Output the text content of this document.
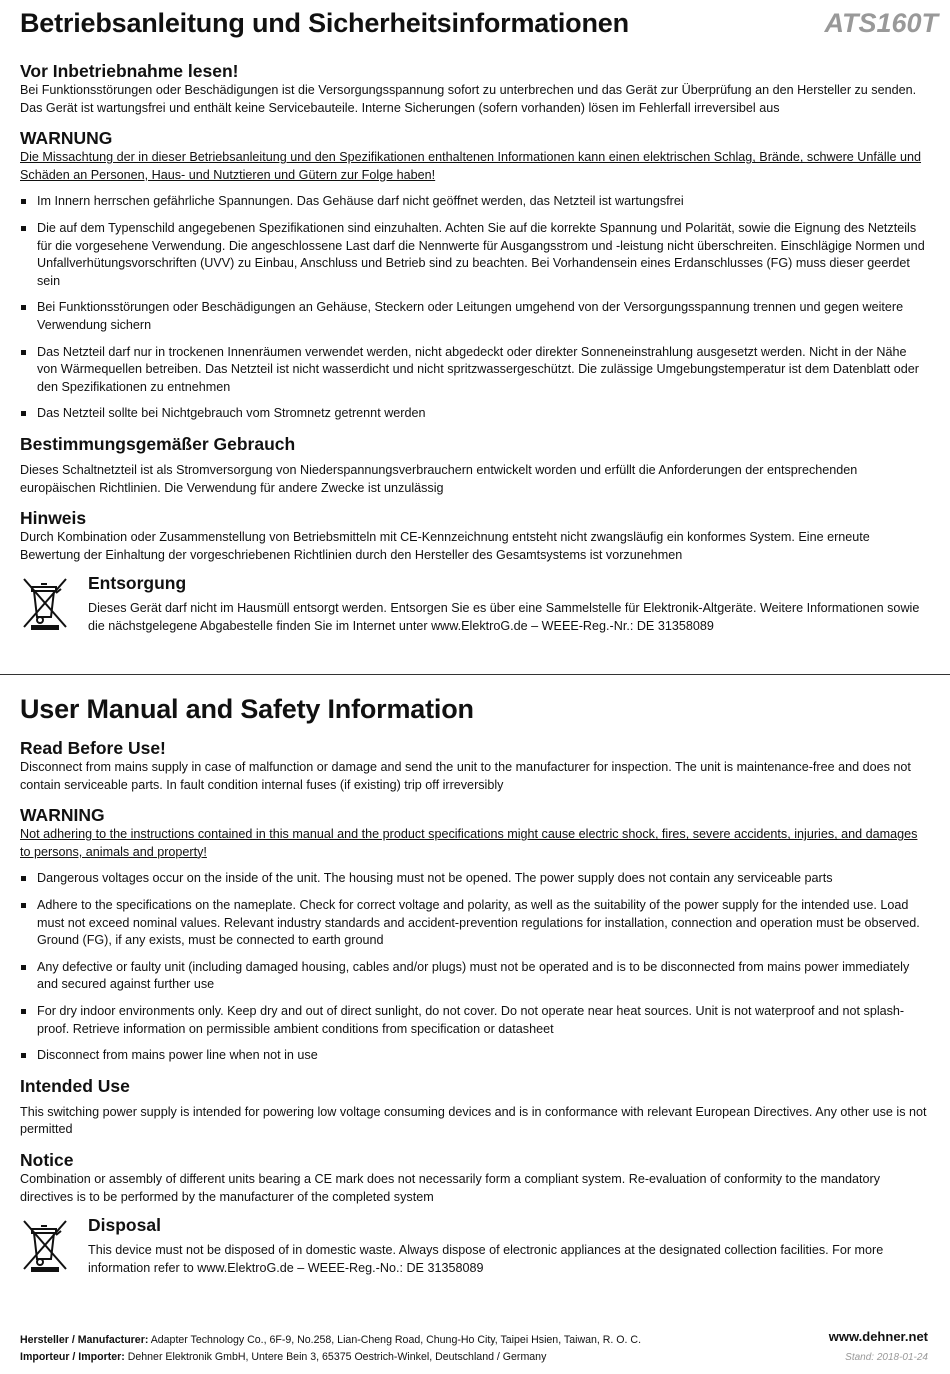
Betriebsanleitung und Sicherheitsinformationen	ATS160T
Vor Inbetriebnahme lesen!

Bei Funktionsstörungen oder Beschädigungen ist die Versorgungsspannung sofort zu unterbrechen und das Gerät zur Überprüfung an den Hersteller zu senden. Das Gerät ist wartungsfrei und enthält keine Servicebauteile. Interne Sicherungen (sofern vorhanden) lösen im Fehlerfall irreversibel aus

WARNUNG

Die Missachtung der in dieser Betriebsanleitung und den Spezifikationen enthaltenen Informationen kann einen elektrischen Schlag, Brände, schwere Unfälle und Schäden an Personen, Haus- und Nutztieren und Gütern zur Folge haben!

Im Innern herrschen gefährliche Spannungen. Das Gehäuse darf nicht geöffnet werden, das Netzteil ist wartungsfrei
Die auf dem Typenschild angegebenen Spezifikationen sind einzuhalten. Achten Sie auf die korrekte Spannung und Polarität, sowie die Eignung des Netzteils für die vorgesehene Verwendung. Die angeschlossene Last darf die Nennwerte für Ausgangsstrom und -leistung nicht überschreiten. Einschlägige Normen und Unfallverhütungsvorschriften (UVV) zu Einbau, Anschluss und Betrieb sind zu beachten. Bei Vorhandensein eines Erdanschlusses (FG) muss dieser geerdet sein
Bei Funktionsstörungen oder Beschädigungen an Gehäuse, Steckern oder Leitungen umgehend von der Versorgungsspannung trennen und gegen weitere Verwendung sichern
Das Netzteil darf nur in trockenen Innenräumen verwendet werden, nicht abgedeckt oder direkter Sonneneinstrahlung ausgesetzt werden. Nicht in der Nähe von Wärmequellen betreiben. Das Netzteil ist nicht wasserdicht und nicht spritzwassergeschützt. Die zulässige Umgebungstemperatur ist dem Datenblatt oder den Spezifikationen zu entnehmen
Das Netzteil sollte bei Nichtgebrauch vom Stromnetz getrennt werden
Bestimmungsgemäßer Gebrauch

Dieses Schaltnetzteil ist als Stromversorgung von Niederspannungsverbrauchern entwickelt worden und erfüllt die Anforderungen der entsprechenden europäischen Richtlinien. Die Verwendung für andere Zwecke ist unzulässig

Hinweis

Durch Kombination oder Zusammenstellung von Betriebsmitteln mit CE-Kennzeichnung entsteht nicht zwangsläufig ein konformes System. Eine erneute Bewertung der Einhaltung der vorgeschriebenen Richtlinien durch den Hersteller des Gesamtsystems ist vorzunehmen

Entsorgung

Dieses Gerät darf nicht im Hausmüll entsorgt werden. Entsorgen Sie es über eine Sammelstelle für Elektronik-Altgeräte. Weitere Informationen sowie die nächstgelegene Abgabestelle finden Sie im Internet unter www.ElektroG.de – WEEE-Reg.-Nr.: DE 31358089

User Manual and Safety Information
Read Before Use!

Disconnect from mains supply in case of malfunction or damage and send the unit to the manufacturer for inspection. The unit is maintenance-free and does not contain serviceable parts. In fault condition internal fuses (if existing) trip off irreversibly

WARNING

Not adhering to the instructions contained in this manual and the product specifications might cause electric shock, fires, severe accidents, injuries, and damages to persons, animals and property!

Dangerous voltages occur on the inside of the unit. The housing must not be opened. The power supply does not contain any serviceable parts
Adhere to the specifications on the nameplate. Check for correct voltage and polarity, as well as the suitability of the power supply for the intended use. Load must not exceed nominal values. Relevant industry standards and accident-prevention regulations for installation, connection and operation must be observed. Ground (FG), if any exists, must be connected to earth ground
Any defective or faulty unit (including damaged housing, cables and/or plugs) must not be operated and is to be disconnected from mains power immediately and secured against further use
For dry indoor environments only. Keep dry and out of direct sunlight, do not cover. Do not operate near heat sources. Unit is not waterproof and not splash-proof. Retrieve information on permissible ambient conditions from specification or datasheet
Disconnect from mains power line when not in use
Intended Use

This switching power supply is intended for powering low voltage consuming devices and is in conformance with relevant European Directives. Any other use is not permitted

Notice

Combination or assembly of different units bearing a CE mark does not necessarily form a compliant system. Re-evaluation of conformity to the mandatory directives is to be performed by the manufacturer of the completed system

Disposal

This device must not be disposed of in domestic waste. Always dispose of electronic appliances at the designated collection facilities. For more information refer to www.ElektroG.de – WEEE-Reg.-No.: DE 31358089

Hersteller / Manufacturer: Adapter Technology Co., 6F-9, No.258, Lian-Cheng Road, Chung-Ho City, Taipei Hsien, Taiwan, R. O. C.
Importeur / Importer: Dehner Elektronik GmbH, Untere Bein 3, 65375 Oestrich-Winkel, Deutschland / Germany
www.dehner.net
Stand: 2018-01-24
